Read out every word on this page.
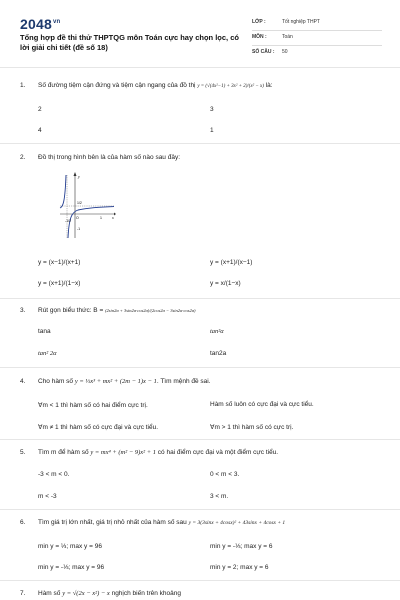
$2048^{vn}$
Tổng hợp đề thi thử THPTQG môn Toán cực hay chọn lọc, có lời giải chi tiết (đề số 18)
LỚP :	Tốt nghiệp THPT
MÔN :	Toán
SỐ CÂU : 50
1.	Số đường tiệm cận đứng và tiệm cận ngang của đồ thị y = (√(4x²−1) + 3x² + 2)/(x² − x) là:
2	3
4	1
2.	Đồ thị trong hình bên là của hàm số nào sau đây:
y
x
O
1/2
1
-1
-1/2
y = (x−1)/(x+1)	y = (x+1)/(x−1)
y = (x+1)/(1−x)	y = x/(1−x)
3.	Rút gọn biểu thức: B = (2sin2α + 3sin2α·cos2α)/(2cos2α − 3sin2α·cos2α)
tana	tan²α
tan² 2α	tan2a
4.	Cho hàm số y = ⅓x³ + mx² + (2m − 1)x − 1. Tìm mệnh đề sai.
∀m < 1 thì hàm số có hai điểm cực trị.	Hàm số luôn có cực đại và cực tiểu.
∀m ≠ 1 thì hàm số có cực đại và cực tiểu.	∀m > 1 thì hàm số có cực trị.
5.	Tìm m để hàm số y = mx⁴ + (m² − 9)x² + 1 có hai điểm cực đại và một điểm cực tiểu.
-3 < m < 0.	0 < m < 3.
m < -3	3 < m.
6.	Tìm giá trị lớn nhất, giá trị nhỏ nhất của hàm số sau y = 3(3sinx + 4cosx)² + 43sinx + 4cosx + 1
min y = ⅓; max y = 96	min y = -⅓; max y = 6
min y = -⅓; max y = 96	min y = 2; max y = 6
7.	Hàm số y = √(2x − x²) − x nghịch biến trên khoảng
